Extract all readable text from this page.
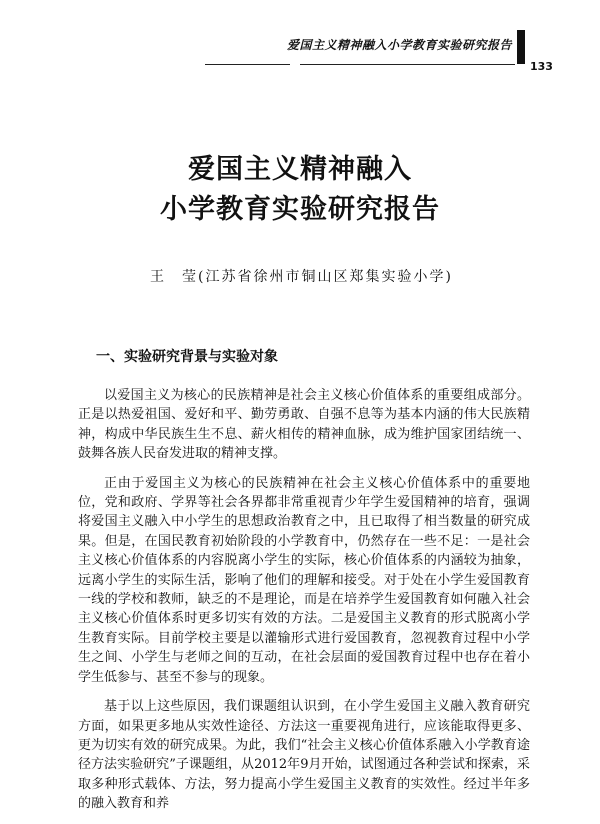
爱国主义精神融入小学教育实验研究报告
133
爱国主义精神融入
小学教育实验研究报告
王　莹(江苏省徐州市铜山区郑集实验小学)
一、实验研究背景与实验对象

以爱国主义为核心的民族精神是社会主义核心价值体系的重要组成部分。正是以热爱祖国、爱好和平、勤劳勇敢、自强不息等为基本内涵的伟大民族精神，构成中华民族生生不息、薪火相传的精神血脉，成为维护国家团结统一、鼓舞各族人民奋发进取的精神支撑。

正由于爱国主义为核心的民族精神在社会主义核心价值体系中的重要地位，党和政府、学界等社会各界都非常重视青少年学生爱国精神的培育，强调将爱国主义融入中小学生的思想政治教育之中，且已取得了相当数量的研究成果。但是，在国民教育初始阶段的小学教育中，仍然存在一些不足：一是社会主义核心价值体系的内容脱离小学生的实际，核心价值体系的内涵较为抽象，远离小学生的实际生活，影响了他们的理解和接受。对于处在小学生爱国教育一线的学校和教师，缺乏的不是理论，而是在培养学生爱国教育如何融入社会主义核心价值体系时更多切实有效的方法。二是爱国主义教育的形式脱离小学生教育实际。目前学校主要是以灌输形式进行爱国教育，忽视教育过程中小学生之间、小学生与老师之间的互动，在社会层面的爱国教育过程中也存在着小学生低参与、甚至不参与的现象。

基于以上这些原因，我们课题组认识到，在小学生爱国主义融入教育研究方面，如果更多地从实效性途径、方法这一重要视角进行，应该能取得更多、更为切实有效的研究成果。为此，我们“社会主义核心价值体系融入小学教育途径方法实验研究”子课题组，从2012年9月开始，试图通过各种尝试和探索，采取多种形式载体、方法，努力提高小学生爱国主义教育的实效性。经过半年多的融入教育和养
